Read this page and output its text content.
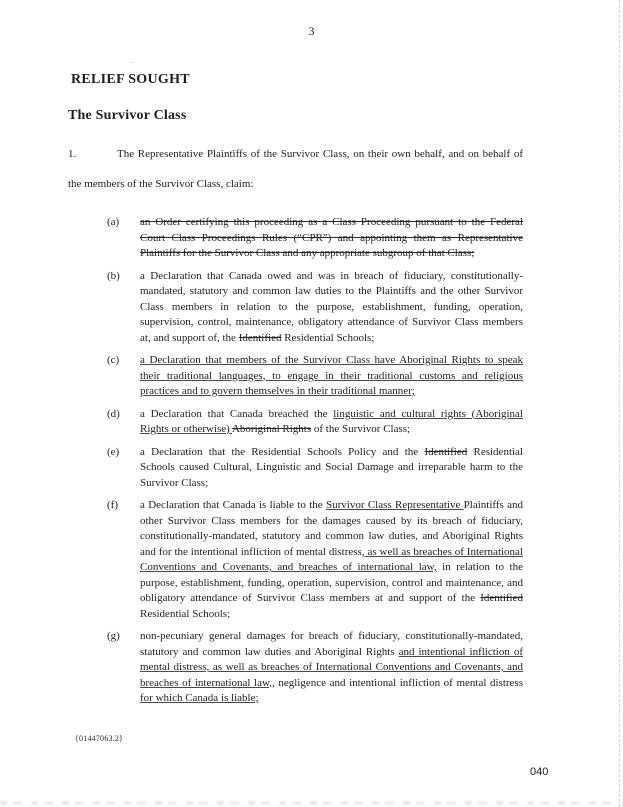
3
..
RELIEF SOUGHT
The Survivor Class
1.	The Representative Plaintiffs of the Survivor Class, on their own behalf, and on behalf of the members of the Survivor Class, claim:
(a)	an Order certifying this proceeding as a Class Proceeding pursuant to the Federal Court Class Proceedings Rules (“CPR”) and appointing them as Representative Plaintiffs for the Survivor Class and any appropriate subgroup of that Class;
(b)	a Declaration that Canada owed and was in breach of fiduciary, constitutionally-mandated, statutory and common law duties to the Plaintiffs and the other Survivor Class members in relation to the purpose, establishment, funding, operation, supervision, control, maintenance, obligatory attendance of Survivor Class members at, and support of, the Identified Residential Schools;
(c)	a Declaration that members of the Survivor Class have Aboriginal Rights to speak their traditional languages, to engage in their traditional customs and religious practices and to govern themselves in their traditional manner;
(d)	a Declaration that Canada breached the linguistic and cultural rights (Aboriginal Rights or otherwise) Aboriginal Rights of the Survivor Class;
(e)	a Declaration that the Residential Schools Policy and the Identified Residential Schools caused Cultural, Linguistic and Social Damage and irreparable harm to the Survivor Class;
(f)	a Declaration that Canada is liable to the Survivor Class Representative Plaintiffs and other Survivor Class members for the damages caused by its breach of fiduciary, constitutionally-mandated, statutory and common law duties, and Aboriginal Rights and for the intentional infliction of mental distress, as well as breaches of International Conventions and Covenants, and breaches of international law, in relation to the purpose, establishment, funding, operation, supervision, control and maintenance, and obligatory attendance of Survivor Class members at and support of the Identified Residential Schools;
(g)	non-pecuniary general damages for breach of fiduciary, constitutionally-mandated, statutory and common law duties and Aboriginal Rights and intentional infliction of mental distress, as well as breaches of International Conventions and Covenants, and breaches of international law,, negligence and intentional infliction of mental distress for which Canada is liable;
{01447063.2}
040
